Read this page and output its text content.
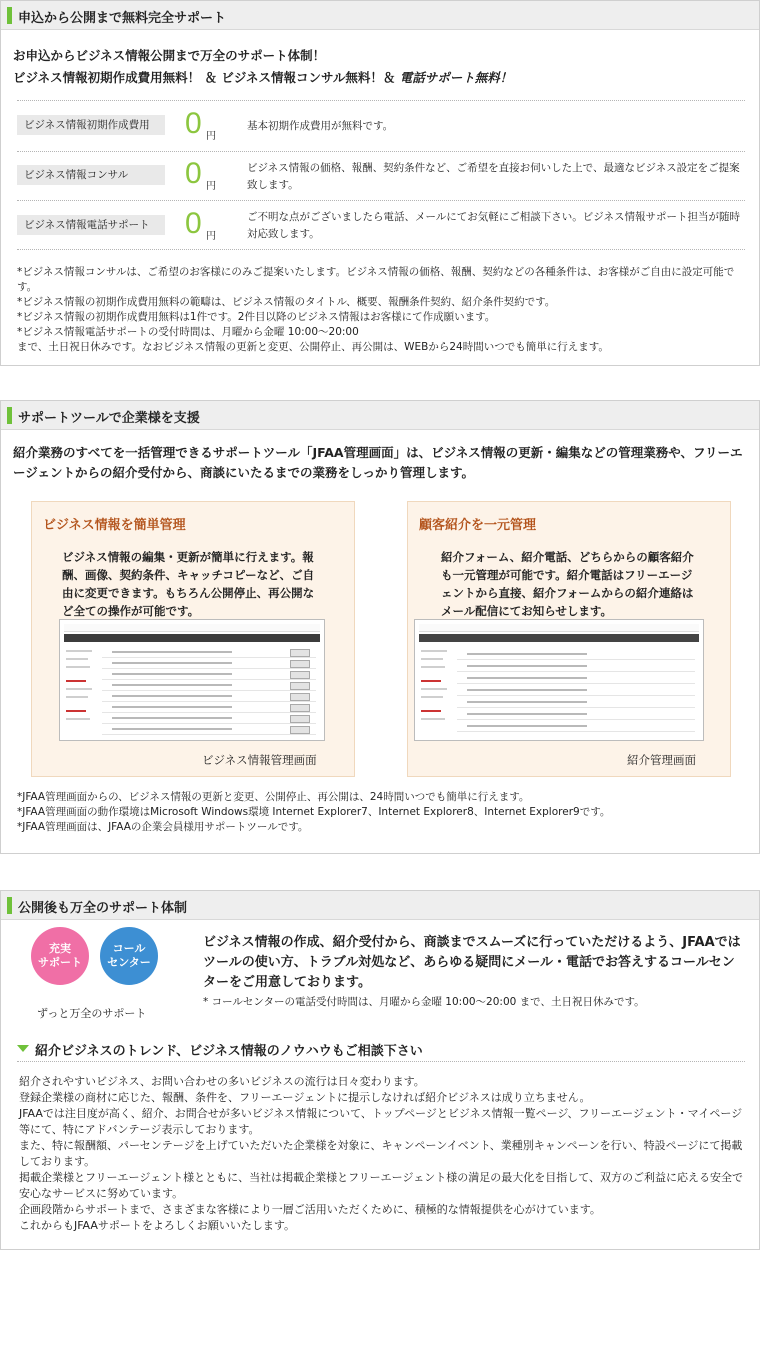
申込から公開まで無料完全サポート
お申込からビジネス情報公開まで万全のサポート体制！
ビジネス情報初期作成費用無料！ ＆ ビジネス情報コンサル無料！＆ 電話サポート無料！
ビジネス情報初期作成費用	0 円
基本初期作成費用が無料です。
ビジネス情報コンサル	0 円
ビジネス情報の価格、報酬、契約条件など、ご希望を直接お伺いした上で、最適なビジネス設定をご提案致します。
ビジネス情報電話サポート	0 円
ご不明な点がございましたら電話、メールにてお気軽にご相談下さい。ビジネス情報サポート担当が随時対応致します。
*ビジネス情報コンサルは、ご希望のお客様にのみご提案いたします。ビジネス情報の価格、報酬、契約などの各種条件は、お客様がご自由に設定可能です。
*ビジネス情報の初期作成費用無料の範疇は、ビジネス情報のタイトル、概要、報酬条件契約、紹介条件契約です。
*ビジネス情報の初期作成費用無料は1件です。2件目以降のビジネス情報はお客様にて作成願います。
*ビジネス情報電話サポートの受付時間は、月曜から金曜 10:00～20:00
まで、土日祝日休みです。なおビジネス情報の更新と変更、公開停止、再公開は、WEBから24時間いつでも簡単に行えます。
サポートツールで企業様を支援
紹介業務のすべてを一括管理できるサポートツール「JFAA管理画面」は、ビジネス情報の更新・編集などの管理業務や、フリーエージェントからの紹介受付から、商談にいたるまでの業務をしっかり管理します。
ビジネス情報を簡単管理
ビジネス情報の編集・更新が簡単に行えます。報酬、画像、契約条件、キャッチコピーなど、ご自由に変更できます。もちろん公開停止、再公開など全ての操作が可能です。
ビジネス情報管理画面
顧客紹介を一元管理
紹介フォーム、紹介電話、どちらからの顧客紹介も一元管理が可能です。紹介電話はフリーエージェントから直接、紹介フォームからの紹介連絡はメール配信にてお知らせします。
紹介管理画面
*JFAA管理画面からの、ビジネス情報の更新と変更、公開停止、再公開は、24時間いつでも簡単に行えます。
*JFAA管理画面の動作環境はMicrosoft Windows環境 Internet Explorer7、Internet Explorer8、Internet Explorer9です。
*JFAA管理画面は、JFAAの企業会員様用サポートツールです。
公開後も万全のサポート体制
充実
サポート
コール
センター
ずっと万全のサポート
ビジネス情報の作成、紹介受付から、商談までスムーズに行っていただけるよう、JFAAではツールの使い方、トラブル対処など、あらゆる疑問にメール・電話でお答えするコールセンターをご用意しております。
* コールセンターの電話受付時間は、月曜から金曜 10:00～20:00 まで、土日祝日休みです。
紹介ビジネスのトレンド、ビジネス情報のノウハウもご相談下さい
紹介されやすいビジネス、お問い合わせの多いビジネスの流行は日々変わります。
登録企業様の商材に応じた、報酬、条件を、フリーエージェントに提示しなければ紹介ビジネスは成り立ちません。
JFAAでは注目度が高く、紹介、お問合せが多いビジネス情報について、トップページとビジネス情報一覧ページ、フリーエージェント・マイページ等にて、特にアドバンテージ表示しております。
また、特に報酬額、パーセンテージを上げていただいた企業様を対象に、キャンペーンイベント、業種別キャンペーンを行い、特設ページにて掲載しております。
掲載企業様とフリーエージェント様とともに、当社は掲載企業様とフリーエージェント様の満足の最大化を目指して、双方のご利益に応える安全で安心なサービスに努めています。
企画段階からサポートまで、さまざまな客様により一層ご活用いただくために、積極的な情報提供を心がけています。
これからもJFAAサポートをよろしくお願いいたします。
